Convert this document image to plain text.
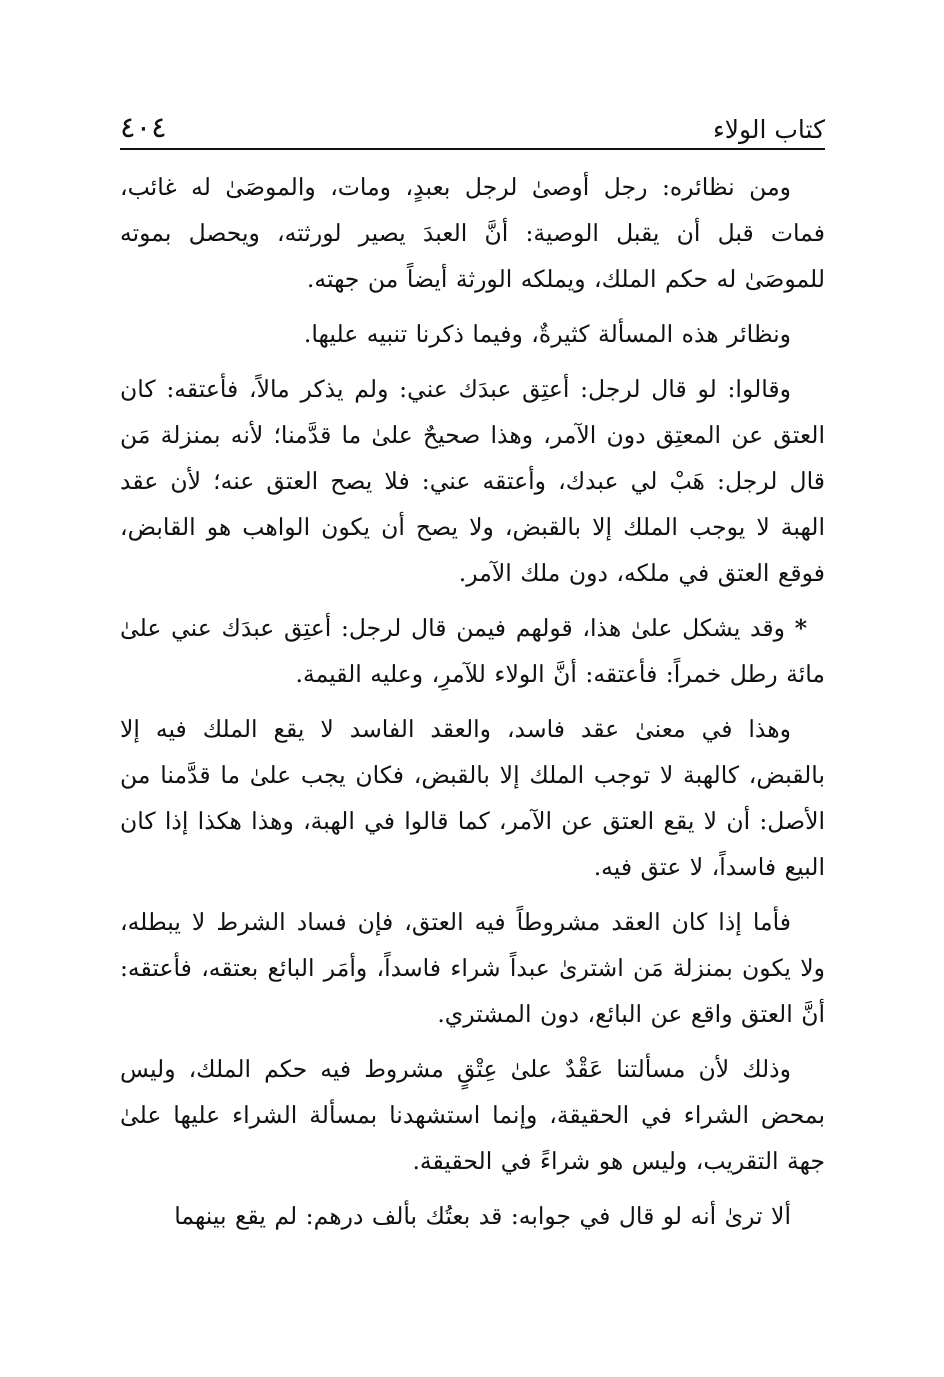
كتاب الولاء
٤٠٤

ومن نظائره: رجل أوصىٰ لرجل بعبدٍ، ومات، والموصَىٰ له غائب، فمات قبل أن يقبل الوصية: أنَّ العبدَ يصير لورثته، ويحصل بموته للموصَىٰ له حكم الملك، ويملكه الورثة أيضاً من جهته.

ونظائر هذه المسألة كثيرةٌ، وفيما ذكرنا تنبيه عليها.

وقالوا: لو قال لرجل: أعتِق عبدَك عني: ولم يذكر مالاً، فأعتقه: كان العتق عن المعتِق دون الآمر، وهذا صحيحٌ علىٰ ما قدَّمنا؛ لأنه بمنزلة مَن قال لرجل: هَبْ لي عبدك، وأعتقه عني: فلا يصح العتق عنه؛ لأن عقد الهبة لا يوجب الملك إلا بالقبض، ولا يصح أن يكون الواهب هو القابض، فوقع العتق في ملكه، دون ملك الآمر.

* وقد يشكل علىٰ هذا، قولهم فيمن قال لرجل: أعتِق عبدَك عني علىٰ مائة رطل خمراً: فأعتقه: أنَّ الولاء للآمرِ، وعليه القيمة.

وهذا في معنىٰ عقد فاسد، والعقد الفاسد لا يقع الملك فيه إلا بالقبض، كالهبة لا توجب الملك إلا بالقبض، فكان يجب علىٰ ما قدَّمنا من الأصل: أن لا يقع العتق عن الآمر، كما قالوا في الهبة، وهذا هكذا إذا كان البيع فاسداً، لا عتق فيه.

فأما إذا كان العقد مشروطاً فيه العتق، فإن فساد الشرط لا يبطله، ولا يكون بمنزلة مَن اشترىٰ عبداً شراء فاسداً، وأمَر البائع بعتقه، فأعتقه: أنَّ العتق واقع عن البائع، دون المشتري.

وذلك لأن مسألتنا عَقْدٌ علىٰ عِتْقٍ مشروط فيه حكم الملك، وليس بمحض الشراء في الحقيقة، وإنما استشهدنا بمسألة الشراء عليها علىٰ جهة التقريب، وليس هو شراءً في الحقيقة.

ألا ترىٰ أنه لو قال في جوابه: قد بعتُك بألف درهم: لم يقع بينهما
